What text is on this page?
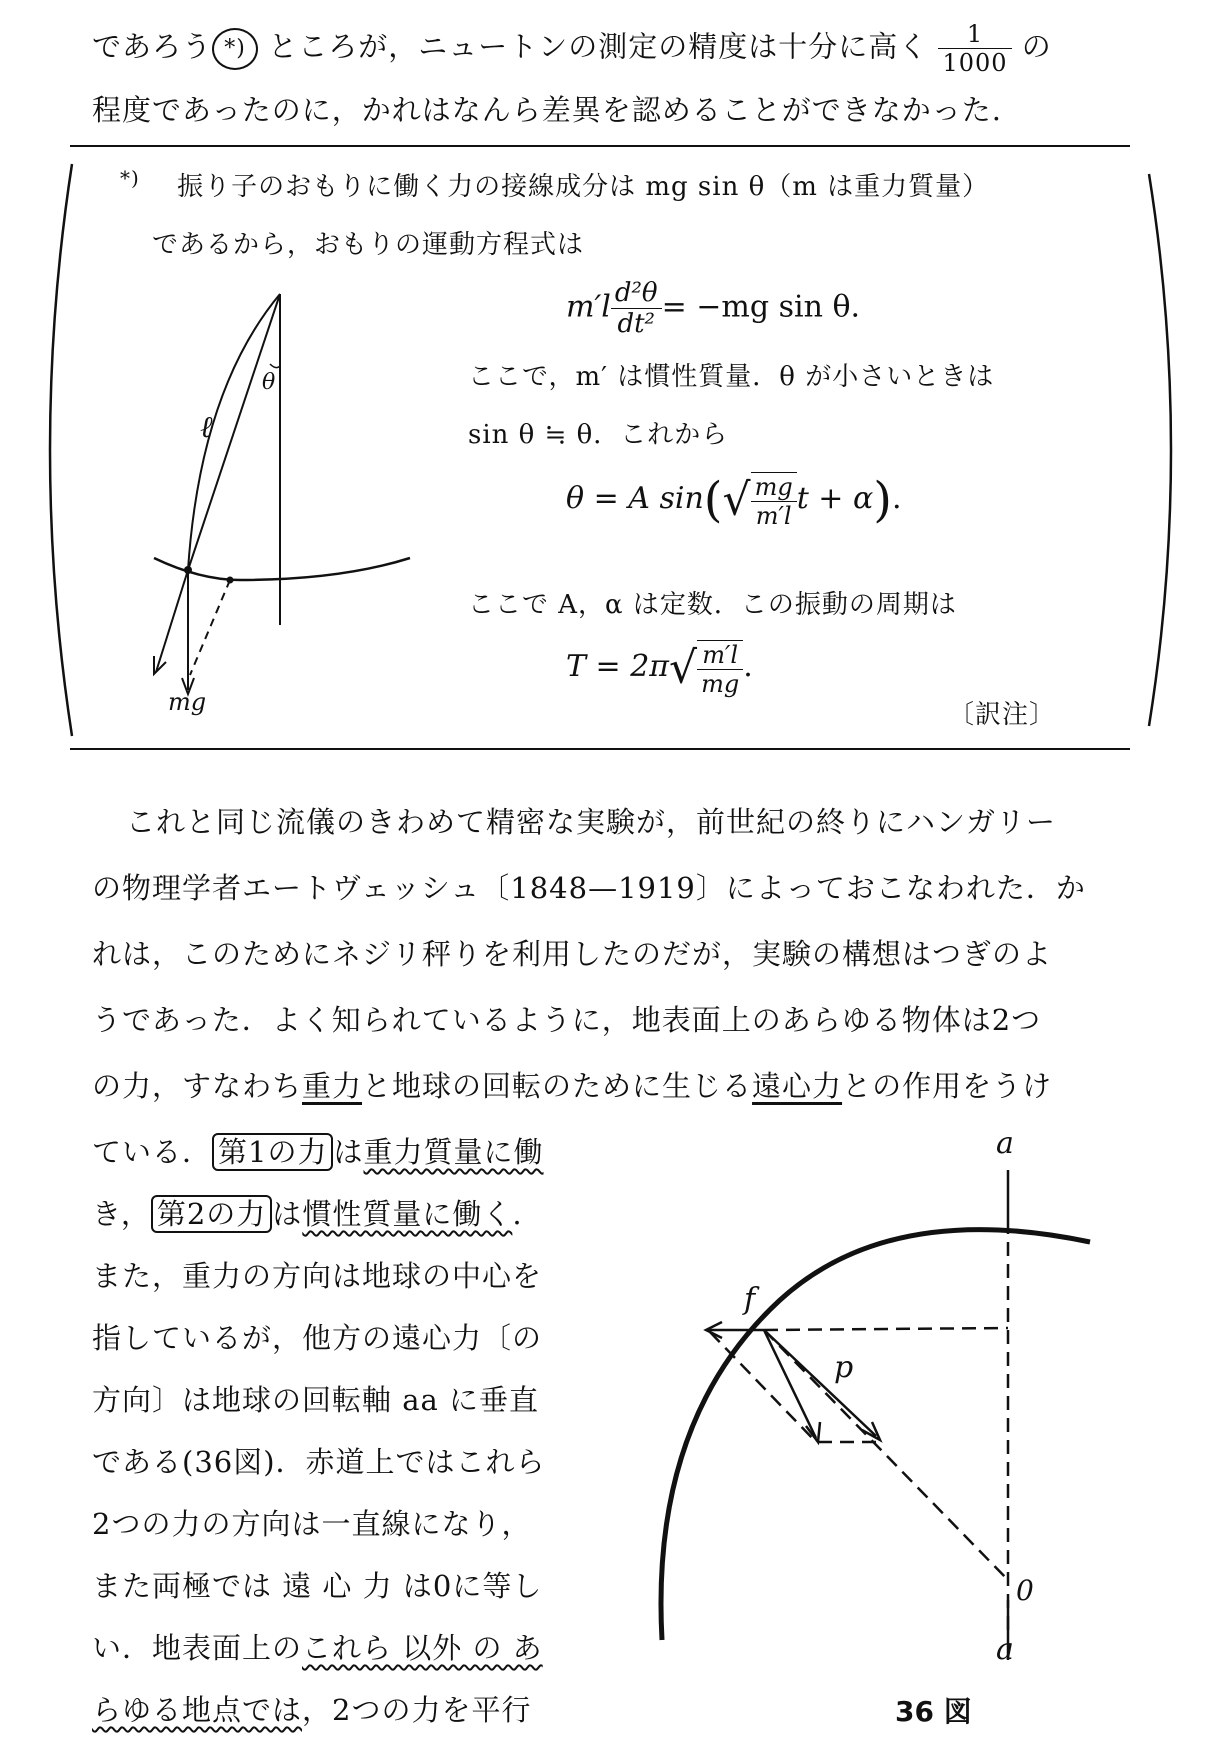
であろう *) ところが，ニュートンの測定の精度は十分に高く $\frac{1}{1000}$ の
程度であったのに，かれはなんら差異を認めることができなかった.
*) 振り子のおもりに働く力の接線成分は mg sin θ（m は重力質量）
であるから，おもりの運動方程式は
$m'l \frac{\text{d²θ}}{\text{dt²}} = -mg$ sin θ.
ここで，m′ は慣性質量．θ が小さいときは
sin θ ≒ θ．これから
θ = A $\sin(√ \frac{mg}{m'l}$ t + α).
ここで A，α は定数．この振動の周期は
$T = 2\pi√ \frac{m'l}{mg}$ .
〔訳注〕
θ
ℓ
mg
これと同じ流儀のきわめて精密な実験が，前世紀の終りにハンガリー
の物理学者エートヴェッシュ〔1848—1919〕によっておこなわれた．か
れは，このためにネジリ秤りを利用したのだが，実験の構想はつぎのよ
うであった．よく知られているように，地表面上のあらゆる物体は2つ
の力，すなわち重力と地球の回転のために生じる遠心力との作用をうけ
ている． 第1の力 は重力質量に働
き， 第2の力 は慣性質量に働く.
また，重力の方向は地球の中心を
指しているが，他方の遠心力〔の
方向〕は地球の回転軸 aa に垂直
である(36図)．赤道上ではこれら
2つの力の方向は一直線になり，
また両極では 遠 心 力 は0に等し
い．地表面上のこれら 以外 の あ
らゆる地点では，2つの力を平行
a
f
p
0
a
36 図
